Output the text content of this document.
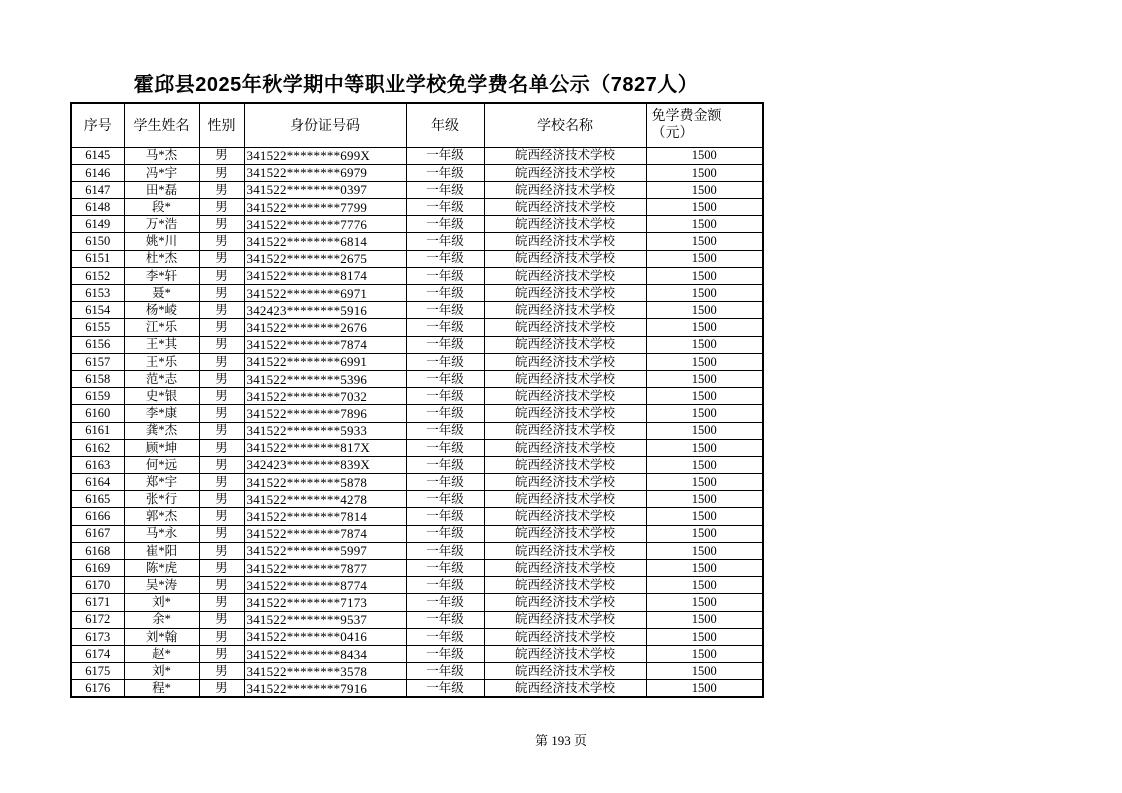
霍邱县2025年秋学期中等职业学校免学费名单公示（7827人）
序号	学生姓名	性别	身份证号码	年级	学校名称	免学费金额
（元）

6145	马*杰	男	341522********699X	一年级	皖西经济技术学校	1500
6146	冯*宇	男	341522********6979	一年级	皖西经济技术学校	1500
6147	田*磊	男	341522********0397	一年级	皖西经济技术学校	1500
6148	段*	男	341522********7799	一年级	皖西经济技术学校	1500
6149	万*浩	男	341522********7776	一年级	皖西经济技术学校	1500
6150	姚*川	男	341522********6814	一年级	皖西经济技术学校	1500
6151	杜*杰	男	341522********2675	一年级	皖西经济技术学校	1500
6152	李*轩	男	341522********8174	一年级	皖西经济技术学校	1500
6153	聂*	男	341522********6971	一年级	皖西经济技术学校	1500
6154	杨*崚	男	342423********5916	一年级	皖西经济技术学校	1500
6155	江*乐	男	341522********2676	一年级	皖西经济技术学校	1500
6156	王*其	男	341522********7874	一年级	皖西经济技术学校	1500
6157	王*乐	男	341522********6991	一年级	皖西经济技术学校	1500
6158	范*志	男	341522********5396	一年级	皖西经济技术学校	1500
6159	史*银	男	341522********7032	一年级	皖西经济技术学校	1500
6160	李*康	男	341522********7896	一年级	皖西经济技术学校	1500
6161	龚*杰	男	341522********5933	一年级	皖西经济技术学校	1500
6162	顾*坤	男	341522********817X	一年级	皖西经济技术学校	1500
6163	何*远	男	342423********839X	一年级	皖西经济技术学校	1500
6164	郑*宇	男	341522********5878	一年级	皖西经济技术学校	1500
6165	张*行	男	341522********4278	一年级	皖西经济技术学校	1500
6166	郭*杰	男	341522********7814	一年级	皖西经济技术学校	1500
6167	马*永	男	341522********7874	一年级	皖西经济技术学校	1500
6168	崔*阳	男	341522********5997	一年级	皖西经济技术学校	1500
6169	陈*虎	男	341522********7877	一年级	皖西经济技术学校	1500
6170	吴*涛	男	341522********8774	一年级	皖西经济技术学校	1500
6171	刘*	男	341522********7173	一年级	皖西经济技术学校	1500
6172	余*	男	341522********9537	一年级	皖西经济技术学校	1500
6173	刘*翰	男	341522********0416	一年级	皖西经济技术学校	1500
6174	赵*	男	341522********8434	一年级	皖西经济技术学校	1500
6175	刘*	男	341522********3578	一年级	皖西经济技术学校	1500
6176	程*	男	341522********7916	一年级	皖西经济技术学校	1500
第 193 页
